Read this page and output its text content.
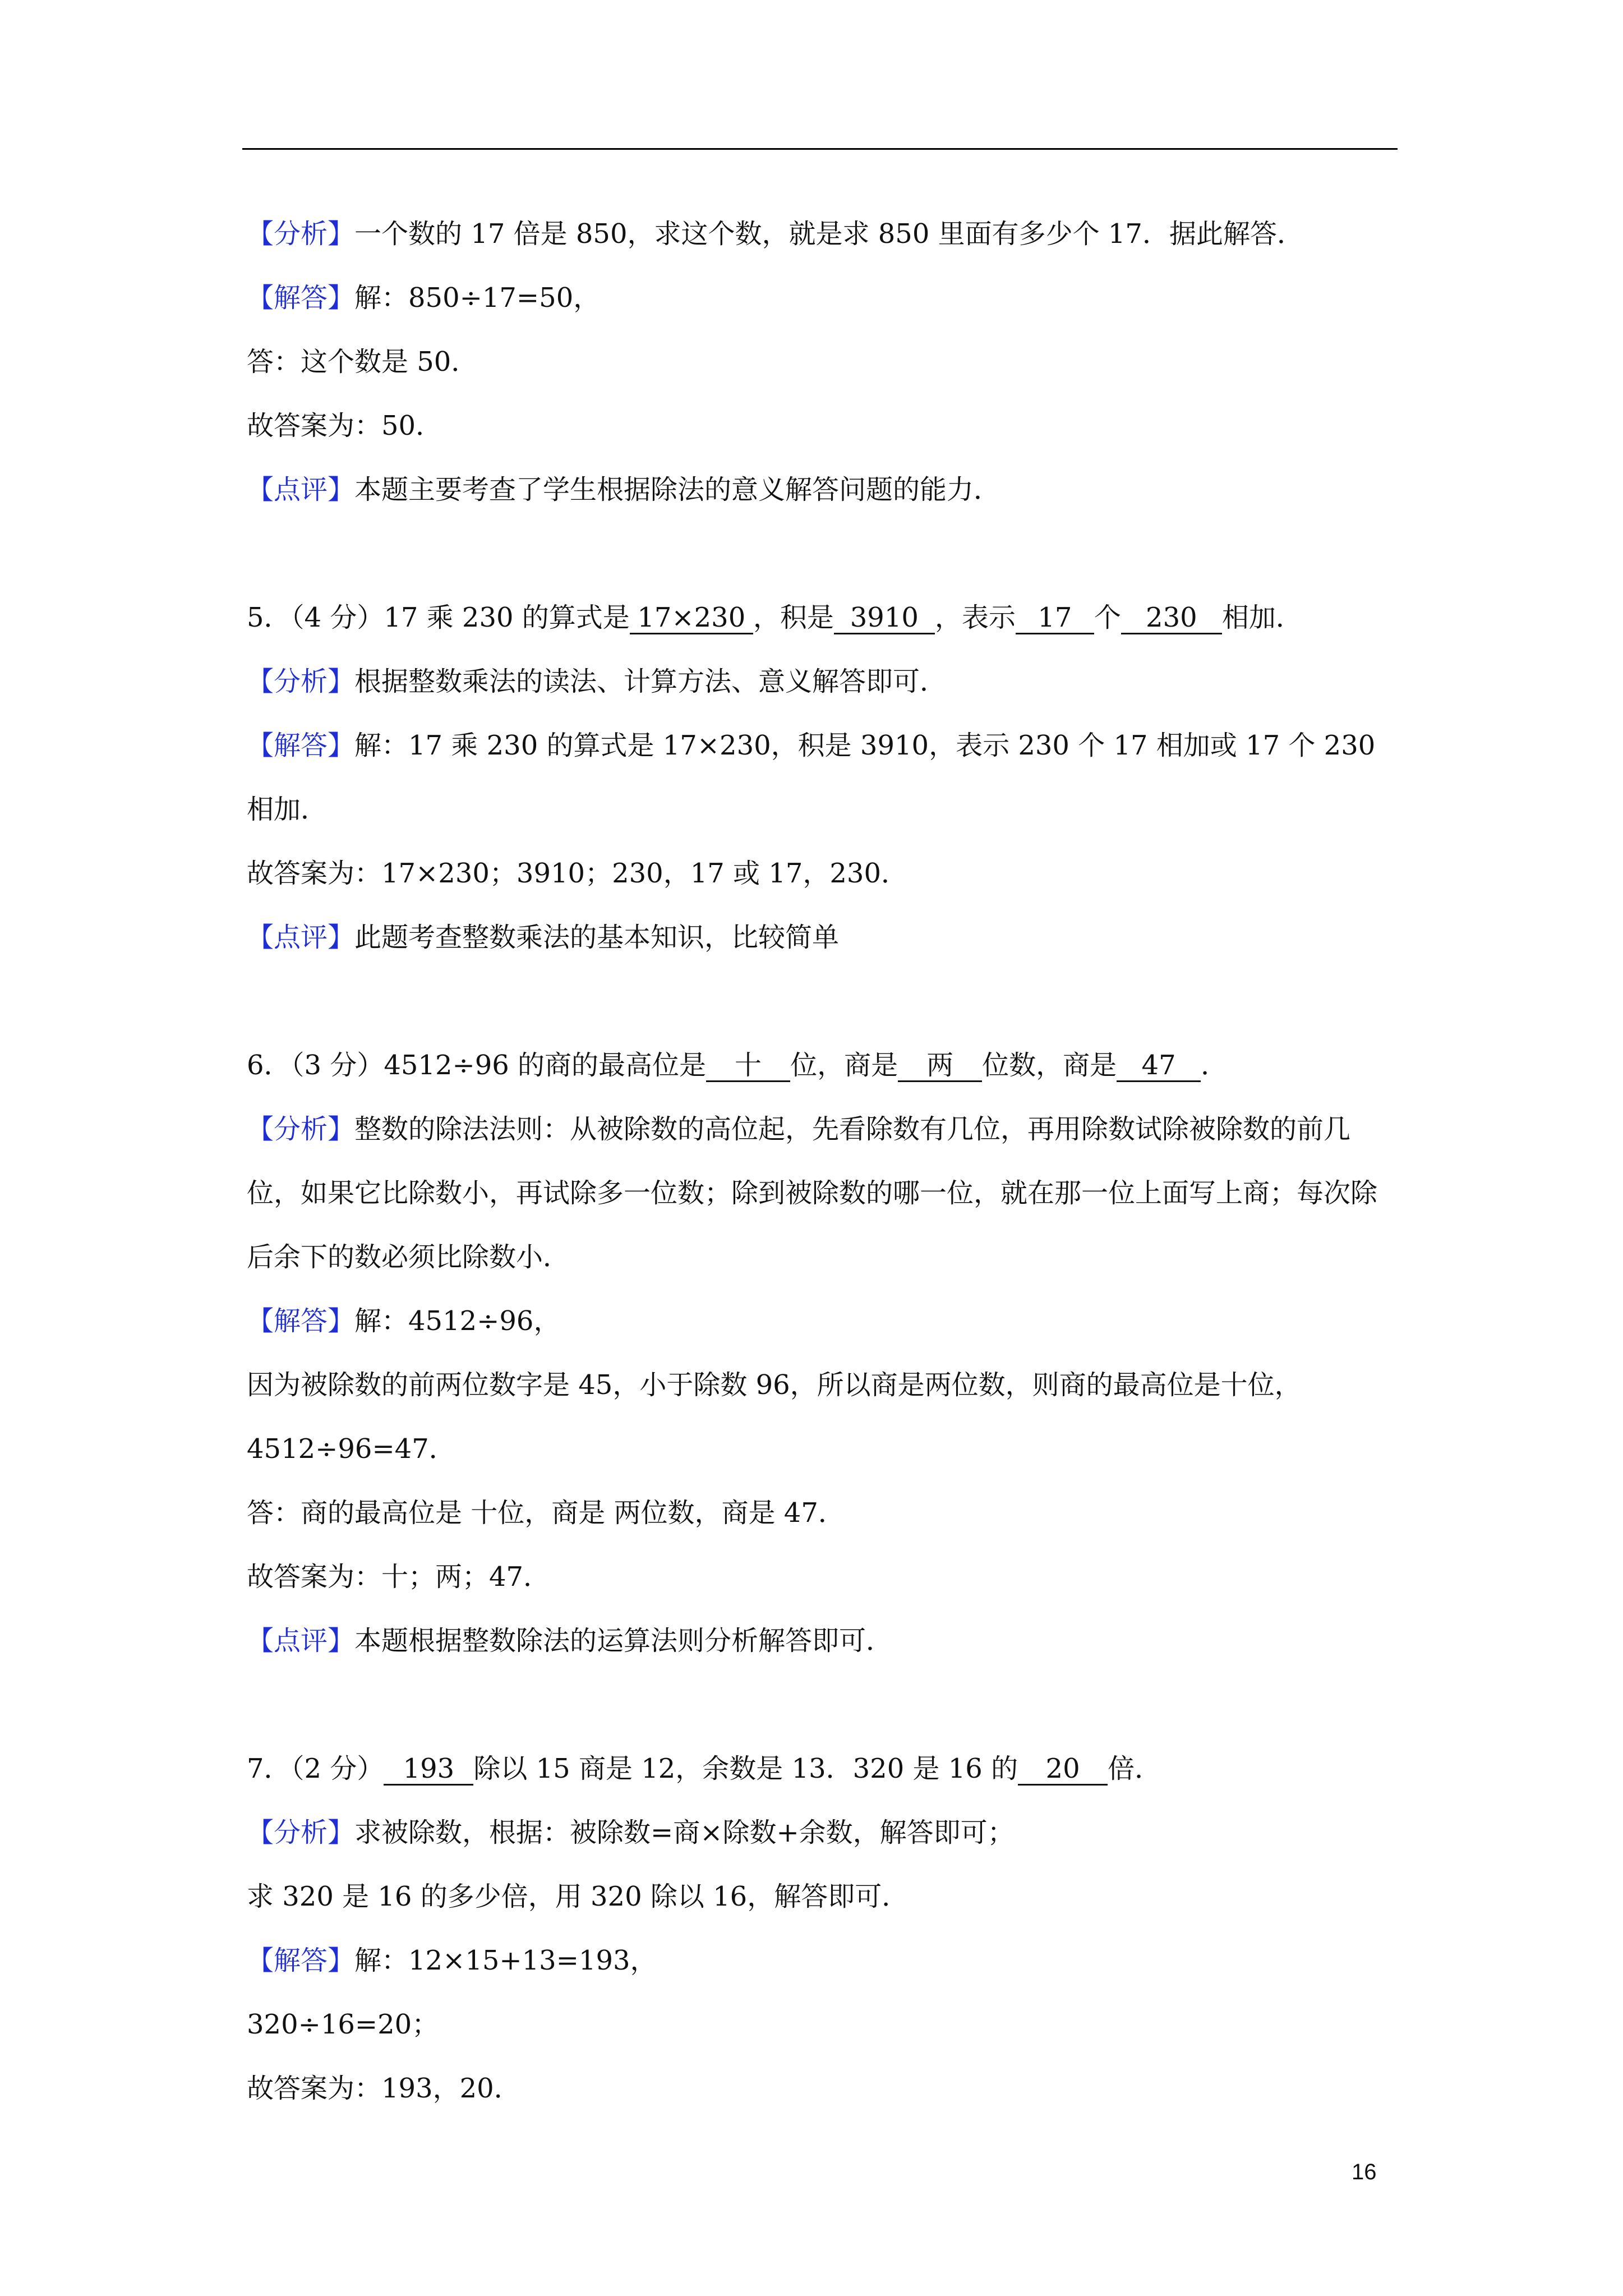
【分析】一个数的 17 倍是 850，求这个数，就是求 850 里面有多少个 17．据此解答．
【解答】解：850÷17=50，
答：这个数是 50．
故答案为：50．
【点评】本题主要考查了学生根据除法的意义解答问题的能力．
5．（4 分）17 乘 230 的算式是 17×230 ，积是 3910 ，表示 17 个 230 相加．
【分析】根据整数乘法的读法、计算方法、意义解答即可．
【解答】解：17 乘 230 的算式是 17×230，积是 3910，表示 230 个 17 相加或 17 个 230 相加．
故答案为：17×230；3910；230，17 或 17，230．
【点评】此题考查整数乘法的基本知识，比较简单
6．（3 分）4512÷96 的商的最高位是 十 位，商是 两 位数，商是 47 ．
【分析】整数的除法法则：从被除数的高位起，先看除数有几位，再用除数试除被除数的前几位，如果它比除数小，再试除多一位数；除到被除数的哪一位，就在那一位上面写上商；每次除后余下的数必须比除数小．
【解答】解：4512÷96，
因为被除数的前两位数字是 45，小于除数 96，所以商是两位数，则商的最高位是十位，
4512÷96=47．
答：商的最高位是 十位，商是 两位数，商是 47．
故答案为：十；两；47．
【点评】本题根据整数除法的运算法则分析解答即可．
7．（2 分） 193 除以 15 商是 12，余数是 13．320 是 16 的 20 倍．
【分析】求被除数，根据：被除数=商×除数+余数，解答即可；
求 320 是 16 的多少倍，用 320 除以 16，解答即可．
【解答】解：12×15+13=193，
320÷16=20；
故答案为：193，20．
16
